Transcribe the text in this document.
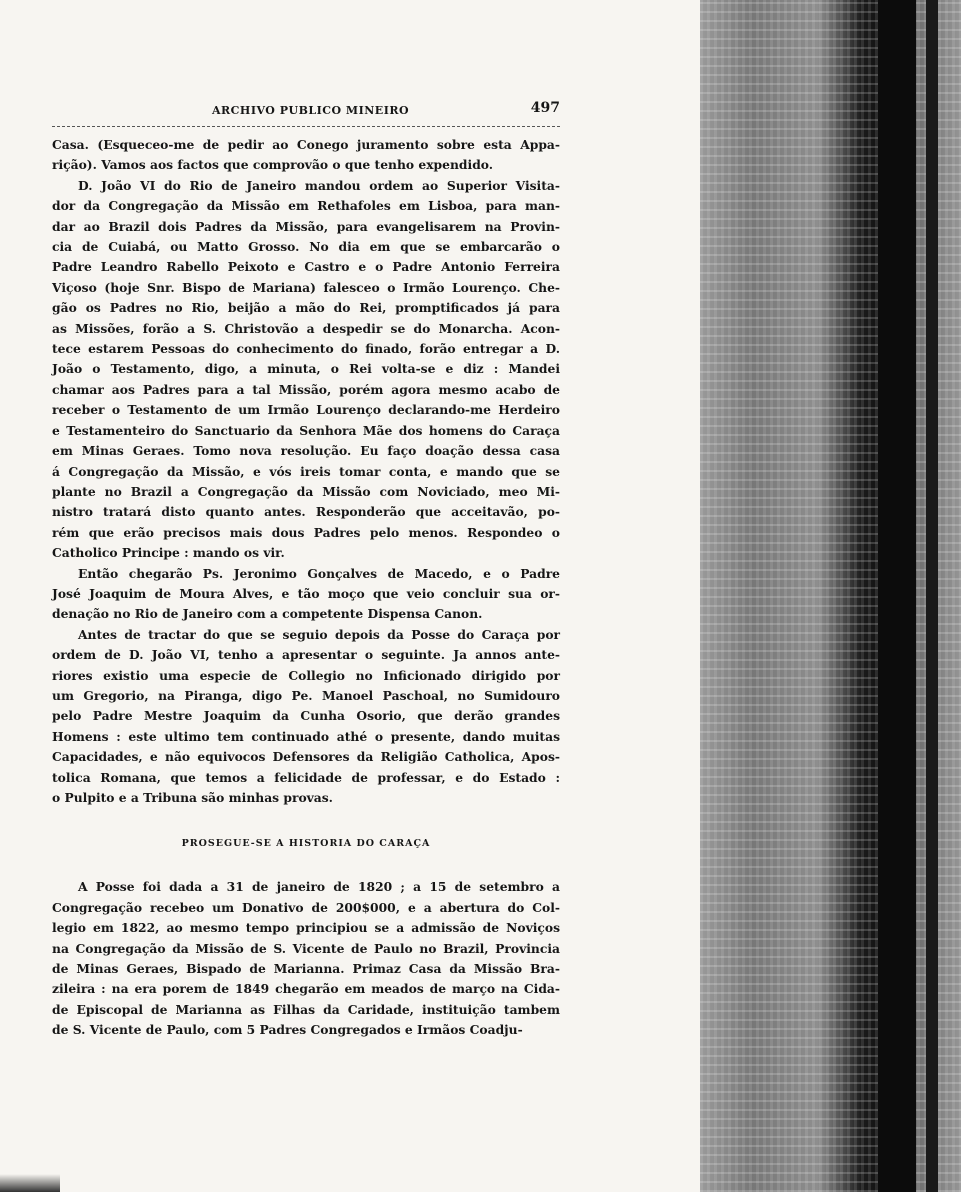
ARCHIVO PUBLICO MINEIRO	497
Casa. (Esqueceo-me de pedir ao Conego juramento sobre esta Appa-
rição). Vamos aos factos que comprovão o que tenho expendido.
D. João VI do Rio de Janeiro mandou ordem ao Superior Visita-
dor da Congregação da Missão em Rethafoles em Lisboa, para man-
dar ao Brazil dois Padres da Missão, para evangelisarem na Provin-
cia de Cuiabá, ou Matto Grosso. No dia em que se embarcarão o
Padre Leandro Rabello Peixoto e Castro e o Padre Antonio Ferreira
Viçoso (hoje Snr. Bispo de Mariana) falesceo o Irmão Lourenço. Che-
gão os Padres no Rio, beijão a mão do Rei, promptificados já para
as Missões, forão a S. Christovão a despedir se do Monarcha. Acon-
tece estarem Pessoas do conhecimento do finado, forão entregar a D.
João o Testamento, digo, a minuta, o Rei volta-se e diz : Mandei
chamar aos Padres para a tal Missão, porém agora mesmo acabo de
receber o Testamento de um Irmão Lourenço declarando-me Herdeiro
e Testamenteiro do Sanctuario da Senhora Mãe dos homens do Caraça
em Minas Geraes. Tomo nova resolução. Eu faço doação dessa casa
á Congregação da Missão, e vós ireis tomar conta, e mando que se
plante no Brazil a Congregação da Missão com Noviciado, meo Mi-
nistro tratará disto quanto antes. Responderão que acceitavão, po-
rém que erão precisos mais dous Padres pelo menos. Respondeo o
Catholico Principe : mando os vir.
Então chegarão Ps. Jeronimo Gonçalves de Macedo, e o Padre
José Joaquim de Moura Alves, e tão moço que veio concluir sua or-
denação no Rio de Janeiro com a competente Dispensa Canon.
Antes de tractar do que se seguio depois da Posse do Caraça por
ordem de D. João VI, tenho a apresentar o seguinte. Ja annos ante-
riores existio uma especie de Collegio no Inficionado dirigido por
um Gregorio, na Piranga, digo Pe. Manoel Paschoal, no Sumidouro
pelo Padre Mestre Joaquim da Cunha Osorio, que derão grandes
Homens : este ultimo tem continuado athé o presente, dando muitas
Capacidades, e não equivocos Defensores da Religião Catholica, Apos-
tolica Romana, que temos a felicidade de professar, e do Estado :
o Pulpito e a Tribuna são minhas provas.
PROSEGUE-SE A HISTORIA DO CARAÇA
A Posse foi dada a 31 de janeiro de 1820 ; a 15 de setembro a
Congregação recebeo um Donativo de 200$000, e a abertura do Col-
legio em 1822, ao mesmo tempo principiou se a admissão de Noviços
na Congregação da Missão de S. Vicente de Paulo no Brazil, Provincia
de Minas Geraes, Bispado de Marianna. Primaz Casa da Missão Bra-
zileira : na era porem de 1849 chegarão em meados de março na Cida-
de Episcopal de Marianna as Filhas da Caridade, instituição tambem
de S. Vicente de Paulo, com 5 Padres Congregados e Irmãos Coadju-
